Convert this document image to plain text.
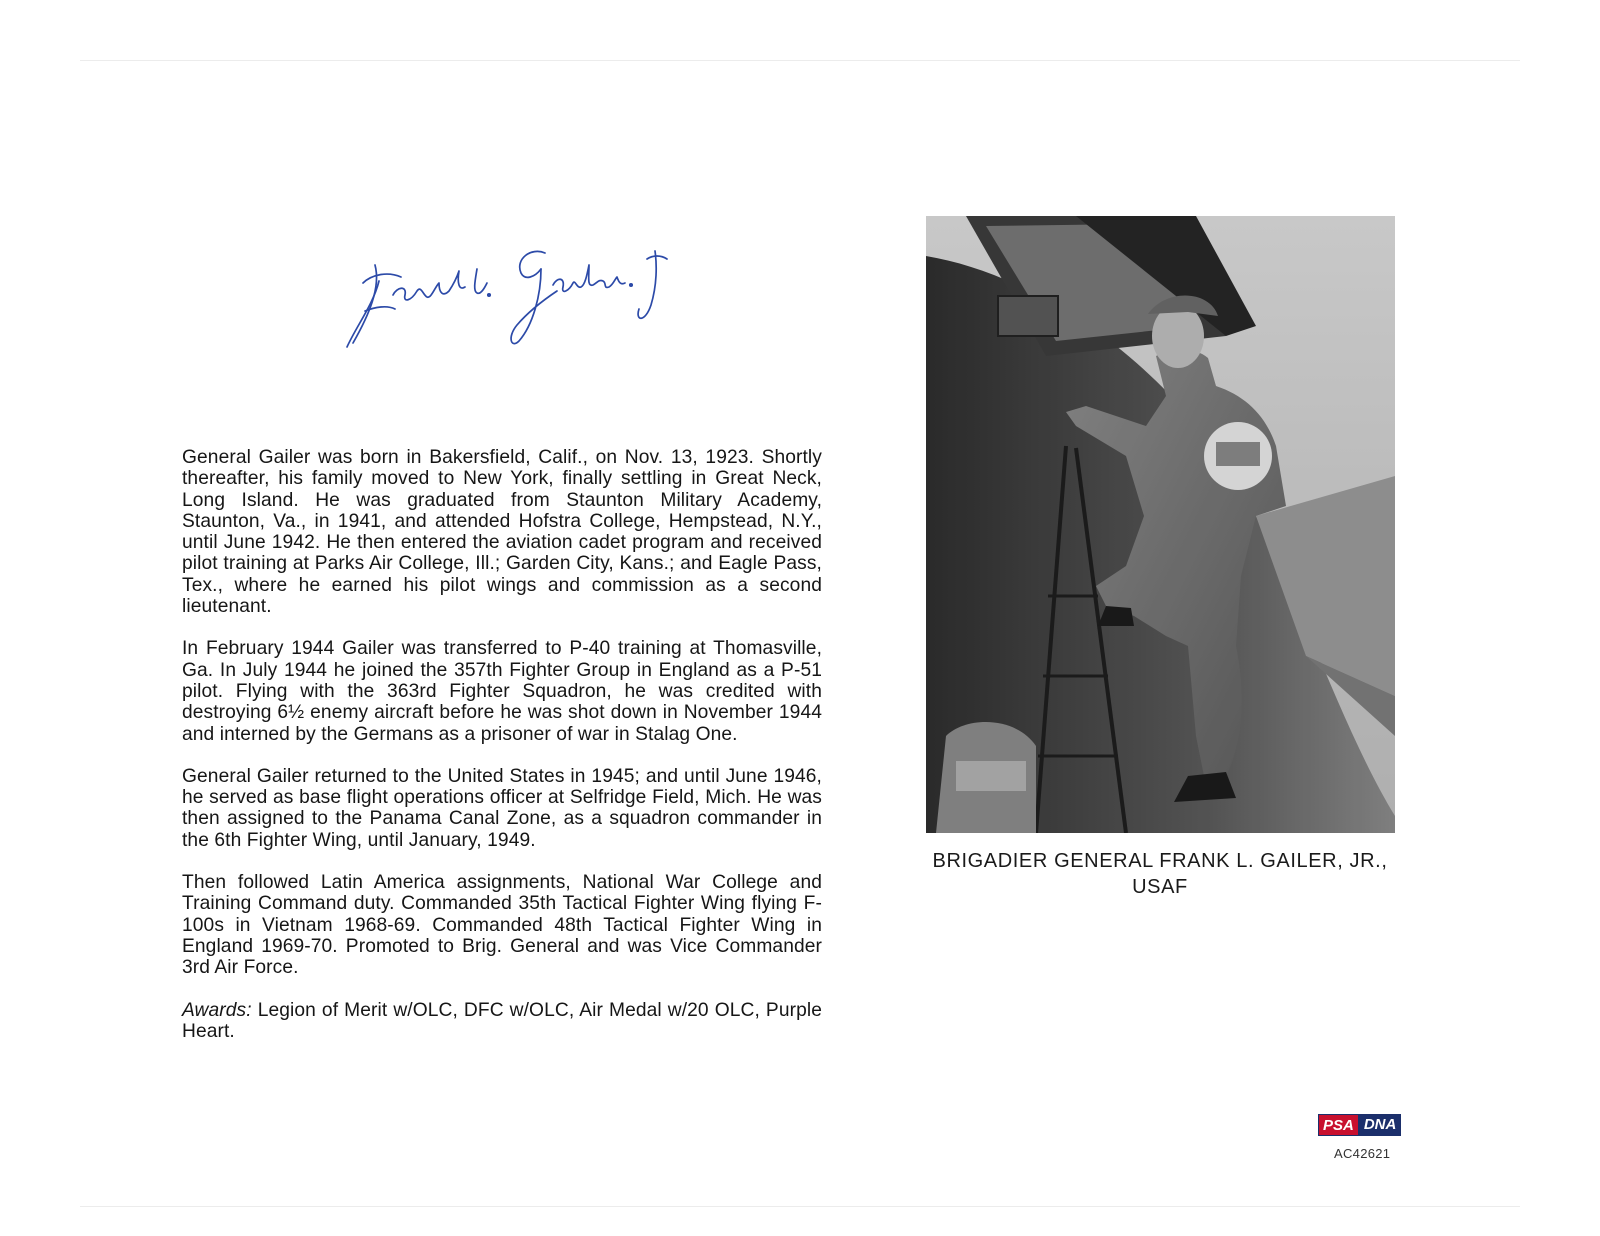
General Gailer was born in Bakersfield, Calif., on Nov. 13, 1923. Shortly thereafter, his family moved to New York, finally settling in Great Neck, Long Island. He was graduated from Staunton Military Academy, Staunton, Va., in 1941, and attended Hofstra College, Hempstead, N.Y., until June 1942. He then entered the aviation cadet program and received pilot training at Parks Air College, Ill.; Garden City, Kans.; and Eagle Pass, Tex., where he earned his pilot wings and commission as a second lieutenant.

In February 1944 Gailer was transferred to P-40 training at Thomasville, Ga. In July 1944 he joined the 357th Fighter Group in England as a P-51 pilot. Flying with the 363rd Fighter Squadron, he was credited with destroying 6½ enemy aircraft before he was shot down in November 1944 and interned by the Germans as a prisoner of war in Stalag One.

General Gailer returned to the United States in 1945; and until June 1946, he served as base flight operations officer at Selfridge Field, Mich. He was then assigned to the Panama Canal Zone, as a squadron commander in the 6th Fighter Wing, until January, 1949.

Then followed Latin America assignments, National War College and Training Command duty. Commanded 35th Tactical Fighter Wing flying F-100s in Vietnam 1968-69. Commanded 48th Tactical Fighter Wing in England 1969-70. Promoted to Brig. General and was Vice Commander 3rd Air Force.

Awards: Legion of Merit w/OLC, DFC w/OLC, Air Medal w/20 OLC, Purple Heart.

BRIGADIER GENERAL FRANK L. GAILER, JR.,
USAF
PSA DNA
AC42621
